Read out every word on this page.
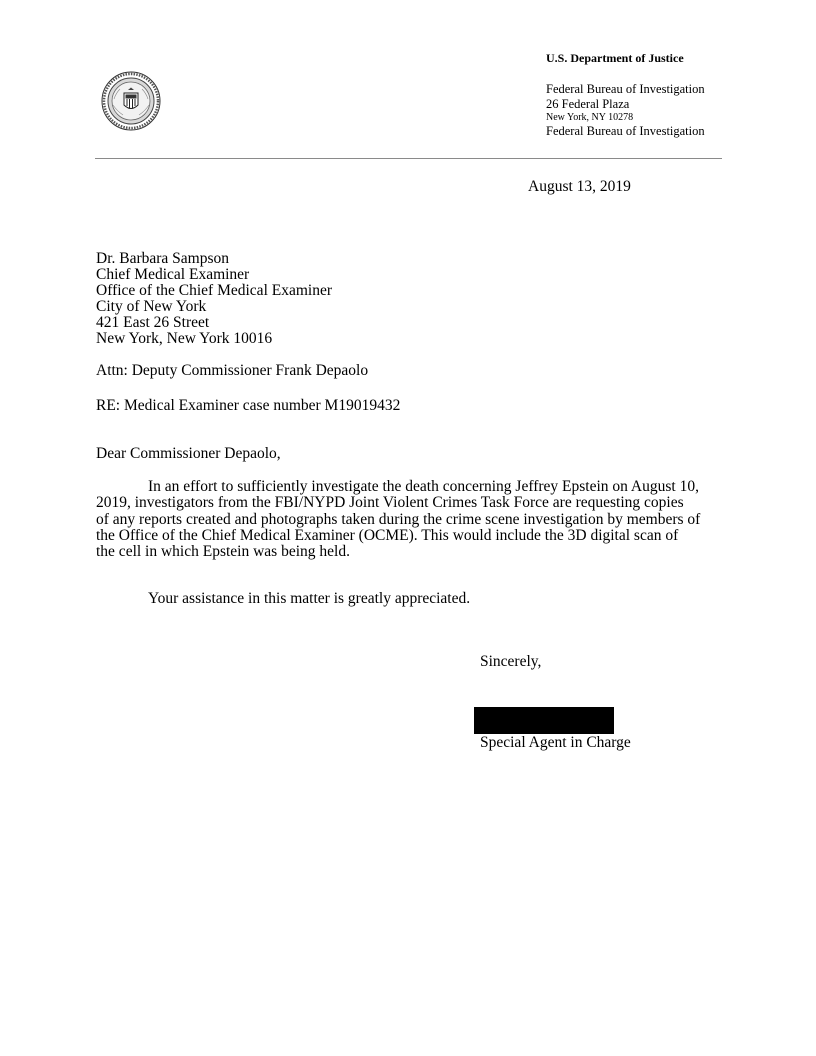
U.S. Department of Justice
Federal Bureau of Investigation
26 Federal Plaza
New York, NY 10278
Federal Bureau of Investigation
August 13, 2019
Dr. Barbara Sampson
Chief Medical Examiner
Office of the Chief Medical Examiner
City of New York
421 East 26 Street
New York, New York 10016
Attn: Deputy Commissioner Frank Depaolo
RE: Medical Examiner case number M19019432
Dear Commissioner Depaolo,

In an effort to sufficiently investigate the death concerning Jeffrey Epstein on August 10,

2019, investigators from the FBI/NYPD Joint Violent Crimes Task Force are requesting copies

of any reports created and photographs taken during the crime scene investigation by members of

the Office of the Chief Medical Examiner (OCME). This would include the 3D digital scan of

the cell in which Epstein was being held.

Your assistance in this matter is greatly appreciated.
Sincerely,
Special Agent in Charge
